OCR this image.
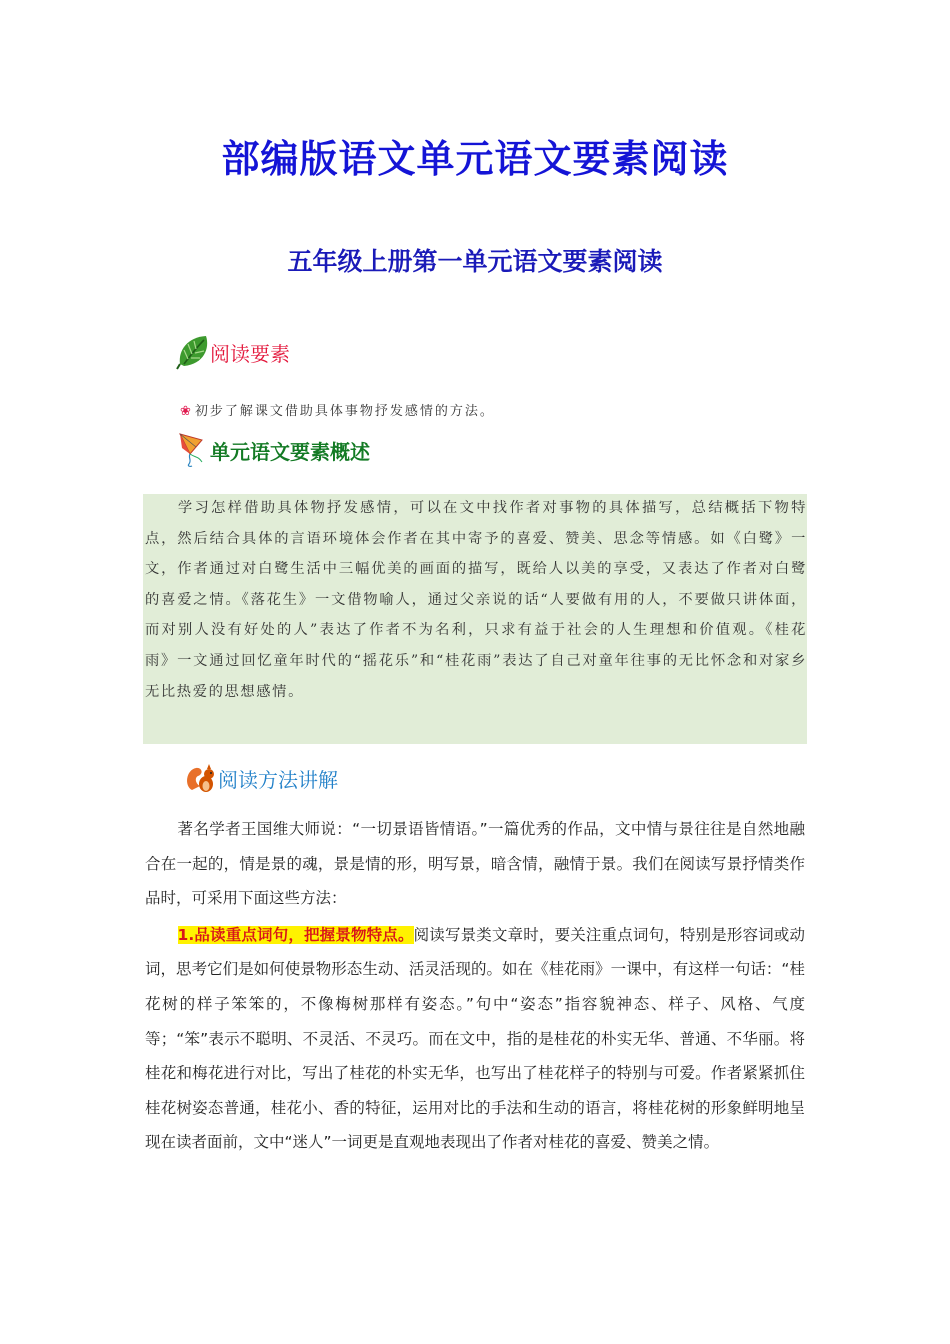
部编版语文单元语文要素阅读
五年级上册第一单元语文要素阅读
阅读要素
❀ 初步了解课文借助具体事物抒发感情的方法。
单元语文要素概述

学习怎样借助具体物抒发感情，可以在文中找作者对事物的具体描写，总结概括下物特点，然后结合具体的言语环境体会作者在其中寄予的喜爱、赞美、思念等情感。如《白鹭》一文，作者通过对白鹭生活中三幅优美的画面的描写，既给人以美的享受，又表达了作者对白鹭的喜爱之情。《落花生》一文借物喻人，通过父亲说的话“人要做有用的人，不要做只讲体面，而对别人没有好处的人”表达了作者不为名利，只求有益于社会的人生理想和价值观。《桂花雨》一文通过回忆童年时代的“摇花乐”和“桂花雨”表达了自己对童年往事的无比怀念和对家乡无比热爱的思想感情。

阅读方法讲解

著名学者王国维大师说：“一切景语皆情语。”一篇优秀的作品，文中情与景往往是自然地融合在一起的，情是景的魂，景是情的形，明写景，暗含情，融情于景。我们在阅读写景抒情类作品时，可采用下面这些方法：

1.品读重点词句，把握景物特点。阅读写景类文章时，要关注重点词句，特别是形容词或动词，思考它们是如何使景物形态生动、活灵活现的。如在《桂花雨》一课中，有这样一句话：“桂花树的样子笨笨的，不像梅树那样有姿态。”句中“姿态”指容貌神态、样子、风格、气度等；“笨”表示不聪明、不灵活、不灵巧。而在文中，指的是桂花的朴实无华、普通、不华丽。将桂花和梅花进行对比，写出了桂花的朴实无华，也写出了桂花样子的特别与可爱。作者紧紧抓住桂花树姿态普通，桂花小、香的特征，运用对比的手法和生动的语言，将桂花树的形象鲜明地呈现在读者面前，文中“迷人”一词更是直观地表现出了作者对桂花的喜爱、赞美之情。
